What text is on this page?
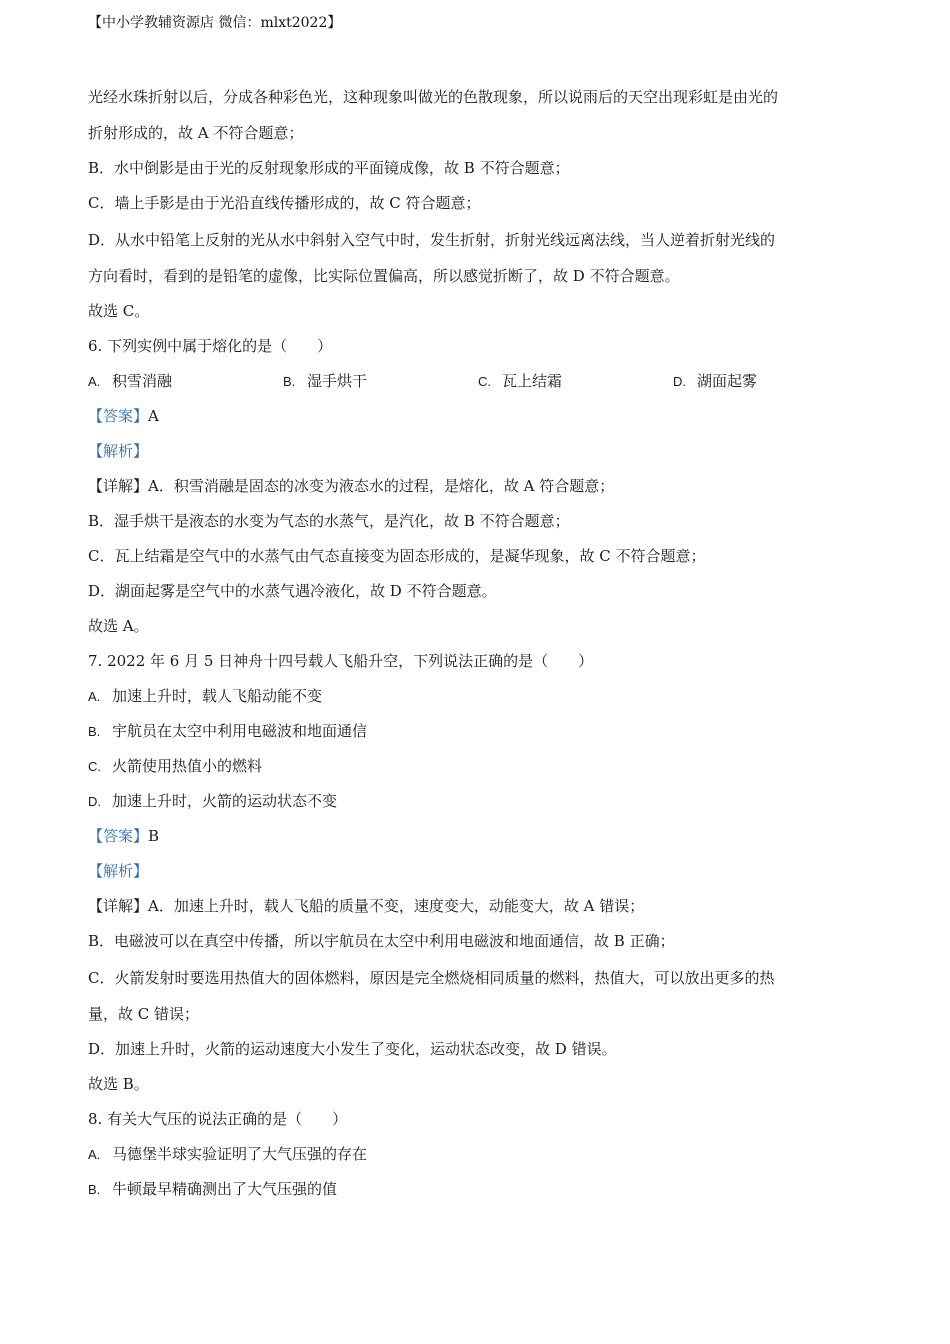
【中小学教辅资源店 微信：mlxt2022】
光经水珠折射以后，分成各种彩色光，这种现象叫做光的色散现象，所以说雨后的天空出现彩虹是由光的
折射形成的，故 A 不符合题意；
B．水中倒影是由于光的反射现象形成的平面镜成像，故 B 不符合题意；
C．墙上手影是由于光沿直线传播形成的，故 C 符合题意；
D．从水中铅笔上反射的光从水中斜射入空气中时，发生折射，折射光线远离法线，当人逆着折射光线的
方向看时，看到的是铅笔的虚像，比实际位置偏高，所以感觉折断了，故 D 不符合题意。
故选 C。
6. 下列实例中属于熔化的是（　　）
A. 积雪消融	B. 湿手烘干	C. 瓦上结霜	D. 湖面起雾
【答案】A
【解析】
【详解】A．积雪消融是固态的冰变为液态水的过程，是熔化，故 A 符合题意；
B．湿手烘干是液态的水变为气态的水蒸气，是汽化，故 B 不符合题意；
C．瓦上结霜是空气中的水蒸气由气态直接变为固态形成的，是凝华现象，故 C 不符合题意；
D．湖面起雾是空气中的水蒸气遇冷液化，故 D 不符合题意。
故选 A。
7. 2022 年 6 月 5 日神舟十四号载人飞船升空，下列说法正确的是（　　）
A. 加速上升时，载人飞船动能不变
B. 宇航员在太空中利用电磁波和地面通信
C. 火箭使用热值小的燃料
D. 加速上升时，火箭的运动状态不变
【答案】B
【解析】
【详解】A．加速上升时，载人飞船的质量不变，速度变大，动能变大，故 A 错误；
B．电磁波可以在真空中传播，所以宇航员在太空中利用电磁波和地面通信，故 B 正确；
C．火箭发射时要选用热值大的固体燃料，原因是完全燃烧相同质量的燃料，热值大，可以放出更多的热
量，故 C 错误；
D．加速上升时，火箭的运动速度大小发生了变化，运动状态改变，故 D 错误。
故选 B。
8. 有关大气压的说法正确的是（　　）
A. 马德堡半球实验证明了大气压强的存在
B. 牛顿最早精确测出了大气压强的值
